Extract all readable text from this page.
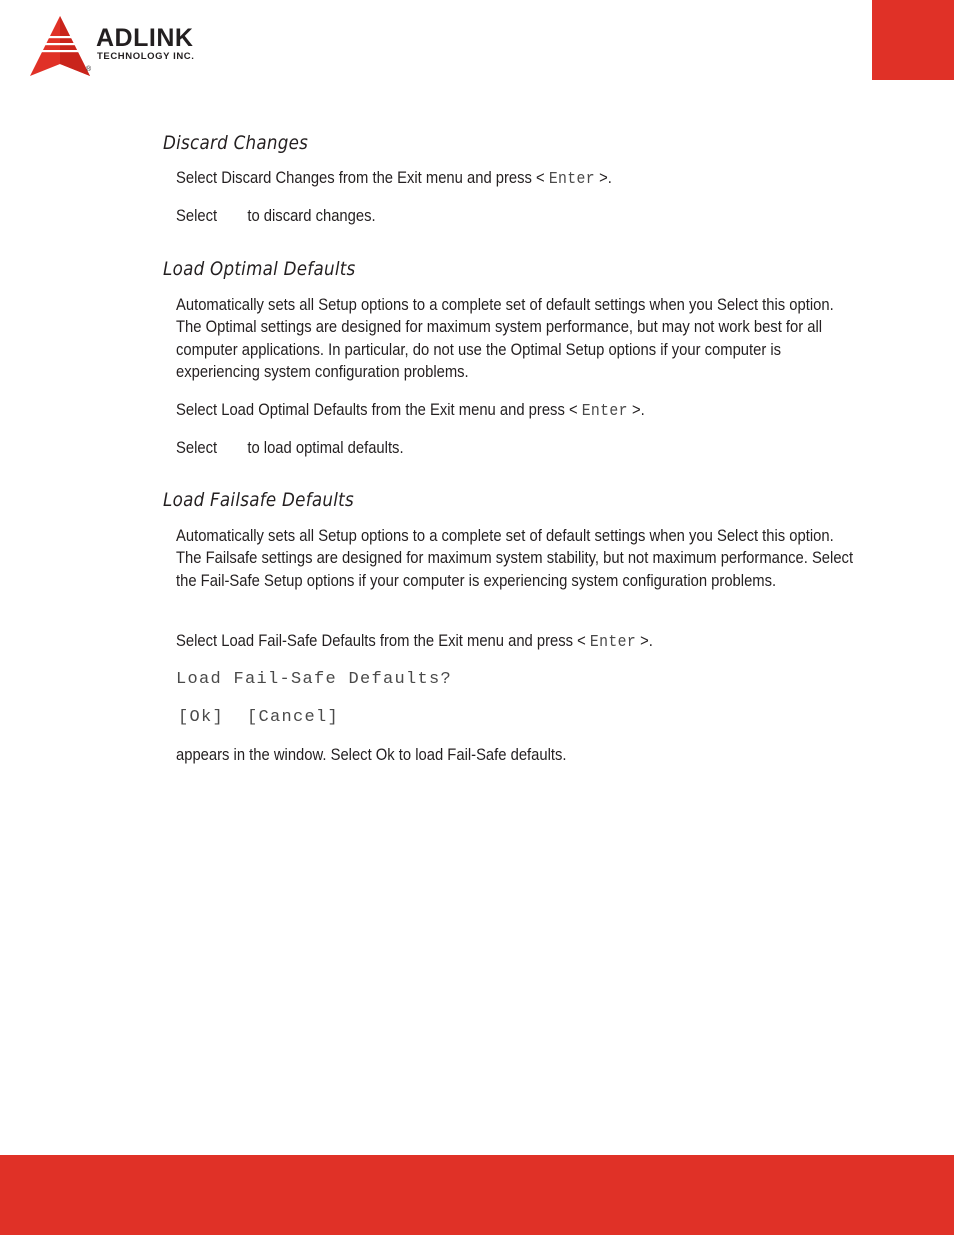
ADLINK
TECHNOLOGY INC.
®
Discard Changes
Select Discard Changes from the Exit menu and press < Enter >.
Select to discard changes.
Load Optimal Defaults
Automatically sets all Setup options to a complete set of default settings when you Select this option. The Optimal settings are designed for maximum system performance, but may not work best for all computer applications. In particular, do not use the Optimal Setup options if your computer is experiencing system configuration problems.
Select Load Optimal Defaults from the Exit menu and press < Enter >.
Select to load optimal defaults.
Load Failsafe Defaults
Automatically sets all Setup options to a complete set of default settings when you Select this option. The Failsafe settings are designed for maximum system stability, but not maximum performance. Select the Fail-Safe Setup options if your computer is experiencing system configuration problems.
Select Load Fail-Safe Defaults from the Exit menu and press < Enter >.
Load Fail-Safe Defaults?
[Ok] [Cancel]
appears in the window. Select Ok to load Fail-Safe defaults.
